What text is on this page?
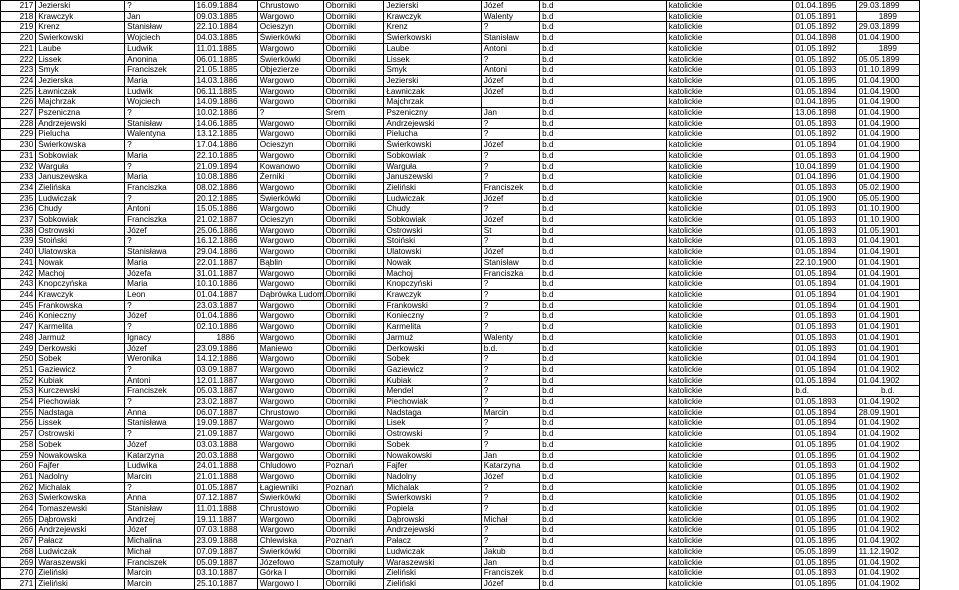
217	Jezierski	?	16.09.1884	Chrustowo	Oborniki	Jezierski	Józef	b.d	katolickie	01.04.1895	29.03.1899
218	Krawczyk	Jan	09.03.1885	Wargowo	Oborniki	Krawczyk	Walenty	b.d	katolickie	01.05.1891	1899
219	Krenz	Stanisław	22.10.1884	Ocieszyn	Oborniki	Krenz	?	b.d	katolickie	01.05.1892	29.03.1899
220	Świerkowski	Wojciech	04.03.1885	Świerkówki	Oborniki	Świerkowski	Stanisław	b.d	katolickie	01.04.1898	01.04.1900
221	Laube	Ludwik	11.01.1885	Wargowo	Oborniki	Laube	Antoni	b.d	katolickie	01.05.1892	1899
222	Lissek	Anonina	06.01.1885	Świerkówki	Oborniki	Lissek	?	b.d	katolickie	01.05.1892	05.05.1899
223	Smyk	Franciszek	21.05.1885	Objezierze	Oborniki	Smyk	Antoni	b.d	katolickie	01.05.1893	01.10.1899
224	Jezierska	Maria	14.03.1886	Wargowo	Oborniki	Jezierski	Józef	b.d	katolickie	01.05.1895	01.04.1900
225	Ławniczak	Ludwik	06.11.1885	Wargowo	Oborniki	Ławniczak	Józef	b.d	katolickie	01.05.1894	01.04.1900
226	Majchrzak	Wojciech	14.09.1886	Wargowo	Oborniki	Majchrzak		b.d	katolickie	01.04.1895	01.04.1900
227	Pszeniczna	?	10.02.1886	?	Śrem	Pszeniczny	Jan	b.d	katolickie	13.06.1898	01.04.1900
228	Andrzejewski	Stanisław	14.06.1885	Wargowo	Oborniki	Andrzejewski	?	b.d	katolickie	01.05.1893	01.04.1900
229	Pielucha	Walentyna	13.12.1885	Wargowo	Oborniki	Pielucha	?	b.d	katolickie	01.05.1892	01.04.1900
230	Świerkowska	?	17.04.1886	Ocieszyn	Oborniki	Świerkowski	Józef	b.d	katolickie	01.05.1894	01.04.1900
231	Sobkowiak	Maria	22.10.1885	Wargowo	Oborniki	Sobkowiak	?	b.d	katolickie	01.05.1893	01.04.1900
232	Warguła	?	21.09.1894	Kowanowo	Oborniki	Warguła	?	b.d	katolickie	10.04.1899	01.04.1900
233	Januszewska	Maria	10.08.1886	Żerniki	Oborniki	Januszewski	?	b.d	katolickie	01.04.1896	01.04.1900
234	Zielińska	Franciszka	08.02.1886	Wargowo	Oborniki	Zieliński	Franciszek	b.d	katolickie	01.05.1893	05.02.1900
235	Ludwiczak	?	20.12.1885	Świerkówki	Oborniki	Ludwiczak	Józef	b.d	katolickie	01.05.1900	05.05.1900
236	Chudy	Antoni	15.05.1886	Wargowo	Oborniki	Chudy	?	b.d	katolickie	01.05.1893	01.10.1900
237	Sobkowiak	Franciszka	21.02.1887	Ocieszyn	Oborniki	Sobkowiak	Józef	b.d	katolickie	01.05.1893	01.10.1900
238	Ostrowski	Józef	25.06.1886	Wargowo	Oborniki	Ostrowski	St	b.d	katolickie	01.05.1893	01.05.1901
239	Stoiński	?	16.12.1886	Wargowo	Oborniki	Stoiński	?	b.d	katolickie	01.05.1893	01.04.1901
240	Ulatowska	Stanisława	29.04.1886	Wargowo	Oborniki	Ulatowski	Józef	b.d	katolickie	01.05.1894	01.04.1901
241	Nowak	Maria	22.01.1887	Bąblin	Oborniki	Nowak	Stanisław	b.d	katolickie	22.10.1900	01.04.1901
242	Machoj	Józefa	31.01.1887	Wargowo	Oborniki	Machoj	Franciszka	b.d	katolickie	01.05.1894	01.04.1901
243	Knopczyńska	Maria	10.10.1886	Wargowo	Oborniki	Knopczyński	?	b.d	katolickie	01.05.1894	01.04.1901
244	Krawczyk	Leon	01.04.1887	Dąbrówka Ludom.	Oborniki	Krawczyk	?	b.d	katolickie	01.05.1894	01.04.1901
245	Frankowska	?	23.03.1887	Wargowo	Oborniki	Frankowski	?	b.d	katolickie	01.05.1894	01.04.1901
246	Konieczny	Józef	01.04.1886	Wargowo	Oborniki	Konieczny	?	b.d	katolickie	01.05.1893	01.04.1901
247	Karmelita	?	02.10.1886	Wargowo	Oborniki	Karmelita	?	b.d	katolickie	01.05.1893	01.04.1901
248	Jarmuż	Ignacy	1886	Wargowo	Oborniki	Jarmuż	Walenty	b.d	katolickie	01.05.1893	01.04.1901
249	Derkowski	Józef	23.09.1886	Maniewo	Oborniki	Derkowski	b.d.	b.d	katolickie	01.05.1893	01.04.1901
250	Sobek	Weronika	14.12.1886	Wargowo	Oborniki	Sobek	?	b.d	katolickie	01.04.1894	01.04.1901
251	Gaziewicz	?	03.09.1887	Wargowo	Oborniki	Gaziewicz	?	b.d	katolickie	01.05.1894	01.04.1902
252	Kubiak	Antoni	12.01.1887	Wargowo	Oborniki	Kubiak	?	b.d	katolickie	01.05.1894	01.04.1902
253	Kurczewski	Franciszek	05.03.1887	Wargowo	Oborniki	Mendel	?	b.d	katolickie	b.d.	b.d.
254	Piechowiak	?	23.02.1887	Wargowo	Oborniki	Piechowiak	?	b.d	katolickie	01.05.1893	01.04.1902
255	Nadstaga	Anna	06.07.1887	Chrustowo	Oborniki	Nadstaga	Marcin	b.d	katolickie	01.05.1894	28.09.1901
256	Lissek	Stanisława	19.09.1887	Wargowo	Oborniki	Lisek	?	b.d	katolickie	01.05.1894	01.04.1902
257	Ostrowski	?	21.09.1887	Wargowo	Oborniki	Ostrowski	?	b.d	katolickie	01.05.1894	01.04.1902
258	Sobek	Józef	03.03.1888	Wargowo	Oborniki	Sobek	?	b.d	katolickie	01.05.1895	01.04.1902
259	Nowakowska	Katarzyna	20.03.1888	Wargowo	Oborniki	Nowakowski	Jan	b.d	katolickie	01.05.1895	01.04.1902
260	Fajfer	Ludwika	24.01.1888	Chludowo	Poznań	Fajfer	Katarzyna	b.d	katolickie	01.05.1893	01.04.1902
261	Nadolny	Marcin	21.01.1888	Wargowo	Oborniki	Nadolny	Józef	b.d	katolickie	01.05.1895	01.04.1902
262	Michalak	?	01.05.1887	Łagiewniki	Poznań	Michalak	?	b.d	katolickie	01.05.1895	01.04.1902
263	Świerkowska	Anna	07.12.1887	Świerkówki	Oborniki	Świerkowski	?	b.d	katolickie	01.05.1895	01.04.1902
264	Tomaszewski	Stanisław	11.01.1888	Chrustowo	Oborniki	Popiela	?	b.d	katolickie	01.05.1895	01.04.1902
265	Dąbrowski	Andrzej	19.11.1887	Wargowo	Oborniki	Dąbrowski	Michał	b.d	katolickie	01.05.1895	01.04.1902
266	Andrzejewski	Józef	07.03.1888	Wargowo	Oborniki	Andrzejewski	?	b.d	katolickie	01.05.1895	01.04.1902
267	Pałacz	Michalina	23.09.1888	Chlewiska	Poznań	Pałacz	?	b.d	katolickie	01.05.1895	01.04.1902
268	Ludwiczak	Michał	07.09.1887	Świerkówki	Oborniki	Ludwiczak	Jakub	b.d	katolickie	05.05.1899	11.12.1902
269	Waraszewski	Franciszek	05.09.1887	Józefowo	Szamotuły	Waraszewski	Jan	b.d	katolickie	01.05.1895	01.04.1902
270	Zieliński	Marcin	03.10.1887	Górka I	Oborniki	Zieliński	Franciszek	b.d	katolickie	01.05.1893	01.04.1902
271	Zieliński	Marcin	25.10.1887	Wargowo I	Oborniki	Zieliński	Józef	b.d	katolickie	01.05.1895	01.04.1902
